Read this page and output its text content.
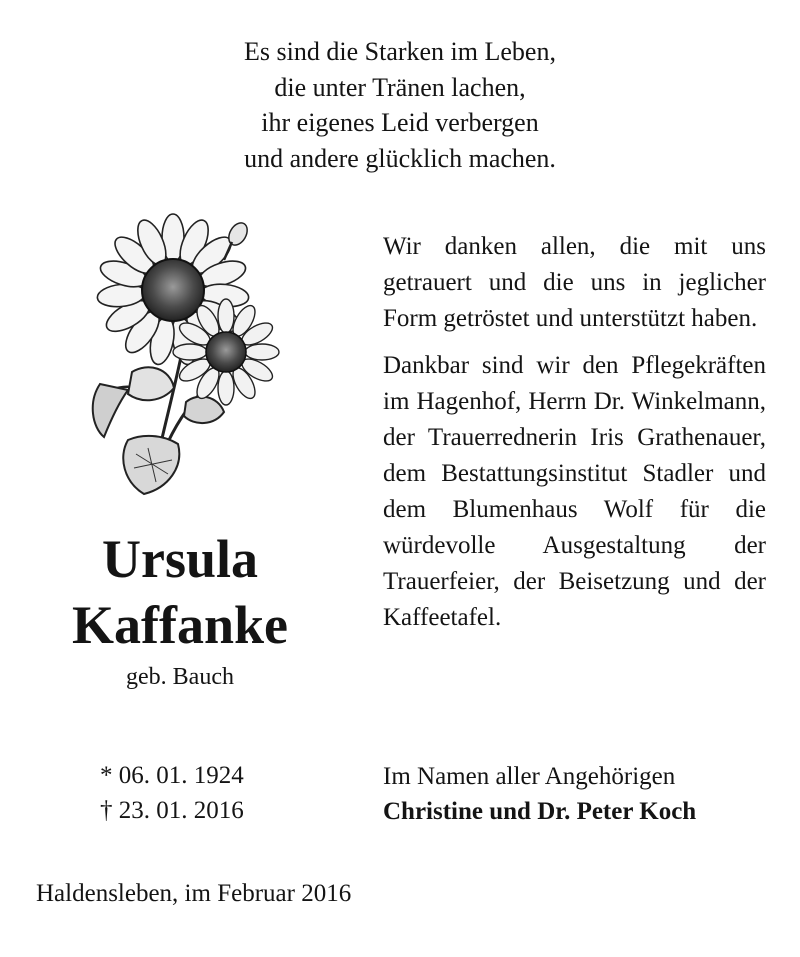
Es sind die Starken im Leben,
die unter Tränen lachen,
ihr eigenes Leid verbergen
und andere glücklich machen.
Ursula
Kaffanke
geb. Bauch
* 06. 01. 1924
† 23. 01. 2016

Wir danken allen, die mit uns getrauert und die uns in jeglicher Form getröstet und unterstützt haben.

Dankbar sind wir den Pflegekräften im Hagenhof, Herrn Dr. Winkelmann, der Trauerrednerin Iris Grathenauer, dem Bestattungsinstitut Stadler und dem Blumenhaus Wolf für die würdevolle Ausgestaltung der Trauerfeier, der Beisetzung und der Kaffeetafel.

Im Namen aller Angehörigen
Christine und Dr. Peter Koch
Haldensleben, im Februar 2016
